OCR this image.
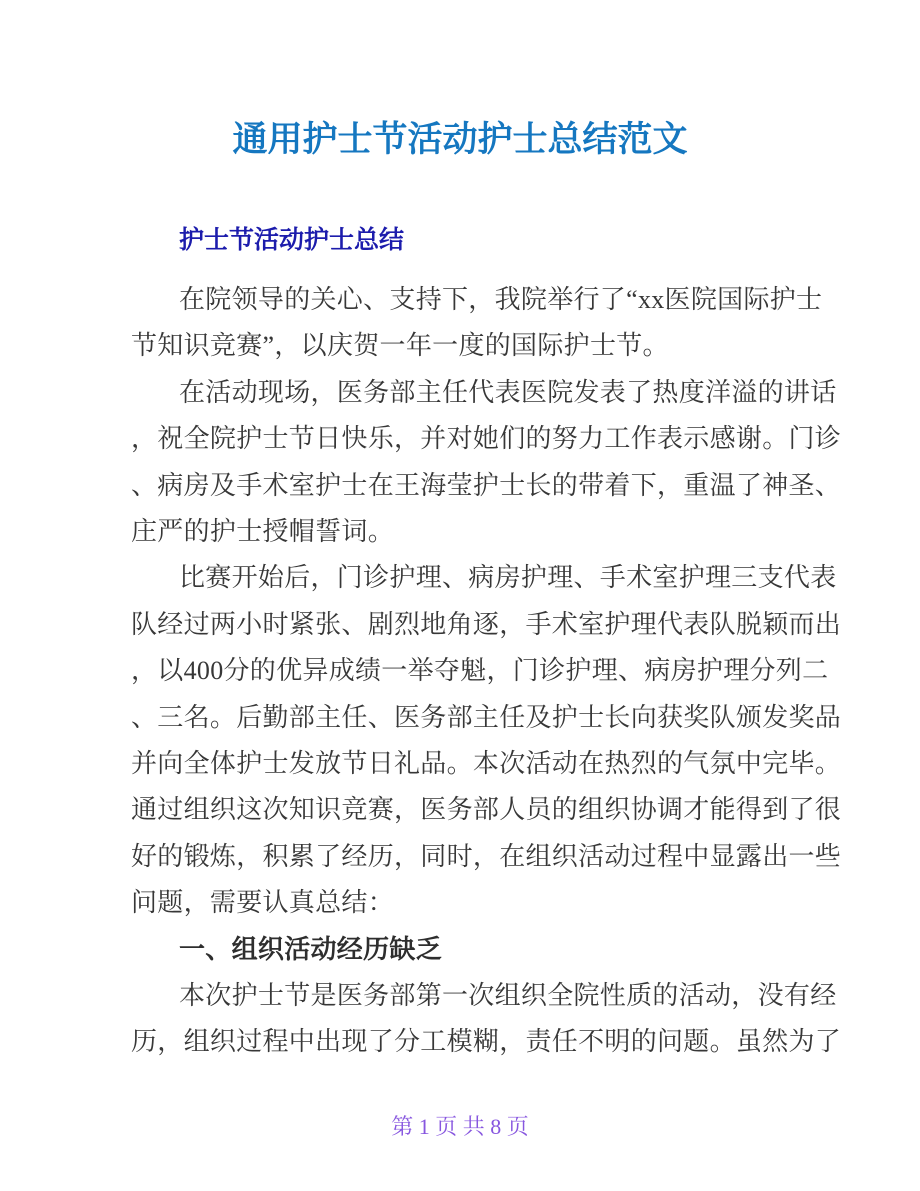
通用护士节活动护士总结范文
护士节活动护士总结
在院领导的关心、支持下，我院举行了“xx医院国际护士
节知识竞赛”，以庆贺一年一度的国际护士节。
在活动现场，医务部主任代表医院发表了热度洋溢的讲话
，祝全院护士节日快乐，并对她们的努力工作表示感谢。门诊
、病房及手术室护士在王海莹护士长的带着下，重温了神圣、
庄严的护士授帽誓词。
比赛开始后，门诊护理、病房护理、手术室护理三支代表
队经过两小时紧张、剧烈地角逐，手术室护理代表队脱颖而出
，以400分的优异成绩一举夺魁，门诊护理、病房护理分列二
、三名。后勤部主任、医务部主任及护士长向获奖队颁发奖品
并向全体护士发放节日礼品。本次活动在热烈的气氛中完毕。
通过组织这次知识竞赛，医务部人员的组织协调才能得到了很
好的锻炼，积累了经历，同时，在组织活动过程中显露出一些
问题，需要认真总结：
一、组织活动经历缺乏
本次护士节是医务部第一次组织全院性质的活动，没有经
历，组织过程中出现了分工模糊，责任不明的问题。虽然为了
第 1 页 共 8 页
